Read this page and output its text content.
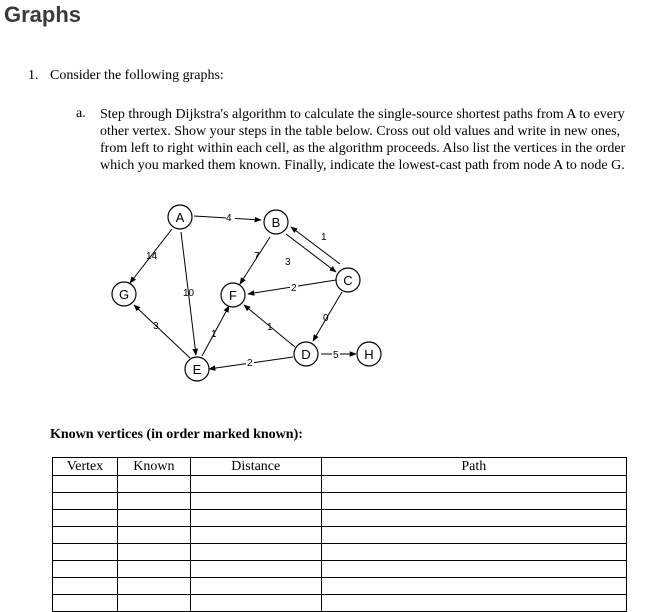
Graphs
1. Consider the following graphs:
a. Step through Dijkstra's algorithm to calculate the single-source shortest paths from A to every other vertex. Show your steps in the table below. Cross out old values and write in new ones, from left to right within each cell, as the algorithm proceeds. Also list the vertices in the order which you marked them known. Finally, indicate the lowest-cast path from node A to node G.
4
1
7
3
2
14
10
3
1
1
0
2
5
A	B
C
D
E
F
G
H
Known vertices (in order marked known):
Vertex	Known	Distance	Path
